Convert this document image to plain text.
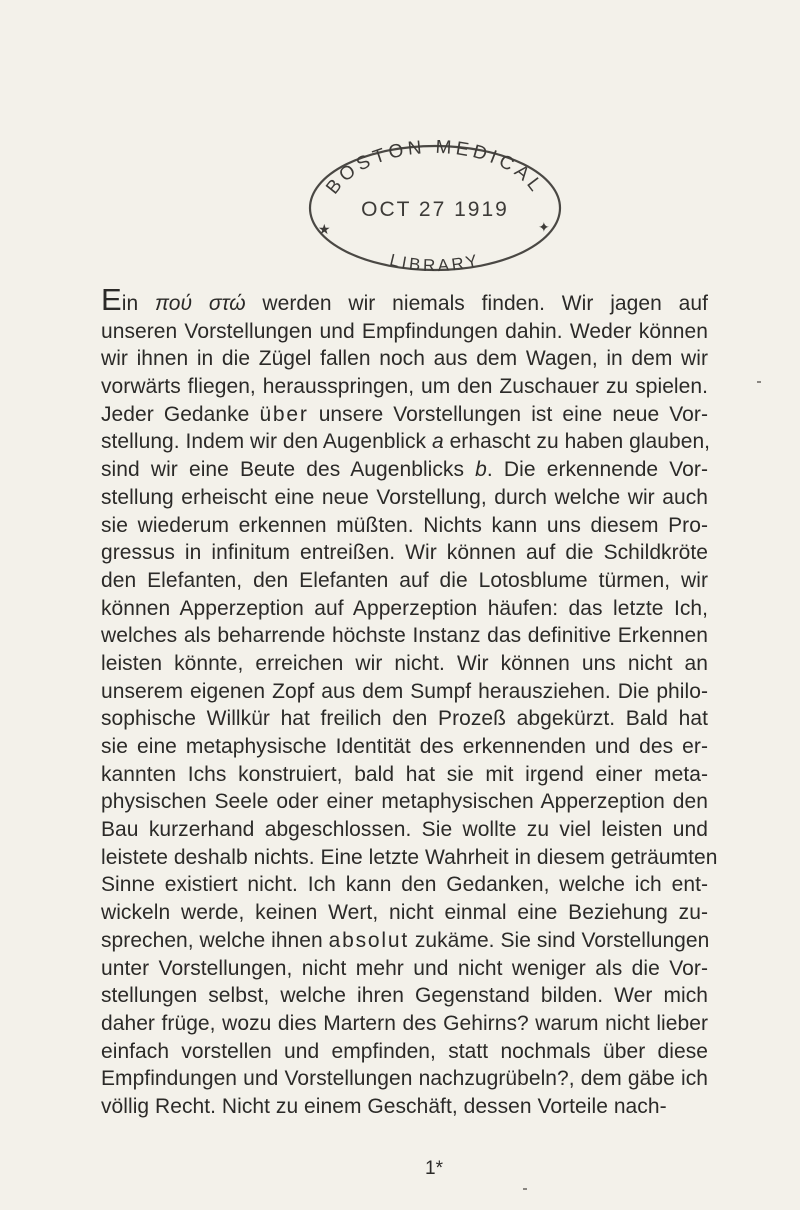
BOSTON MEDICAL
OCT 27 1919
LIBRARY
★	✦
Ein πού στώ werden wir niemals finden. Wir jagen auf
unseren Vorstellungen und Empfindungen dahin. Weder können
wir ihnen in die Zügel fallen noch aus dem Wagen, in dem wir
vorwärts fliegen, herausspringen, um den Zuschauer zu spielen.
Jeder Gedanke über unsere Vorstellungen ist eine neue Vor-
stellung. Indem wir den Augenblick a erhascht zu haben glauben,
sind wir eine Beute des Augenblicks b. Die erkennende Vor-
stellung erheischt eine neue Vorstellung, durch welche wir auch
sie wiederum erkennen müßten. Nichts kann uns diesem Pro-
gressus in infinitum entreißen. Wir können auf die Schildkröte
den Elefanten, den Elefanten auf die Lotosblume türmen, wir
können Apperzeption auf Apperzeption häufen: das letzte Ich,
welches als beharrende höchste Instanz das definitive Erkennen
leisten könnte, erreichen wir nicht. Wir können uns nicht an
unserem eigenen Zopf aus dem Sumpf herausziehen. Die philo-
sophische Willkür hat freilich den Prozeß abgekürzt. Bald hat
sie eine metaphysische Identität des erkennenden und des er-
kannten Ichs konstruiert, bald hat sie mit irgend einer meta-
physischen Seele oder einer metaphysischen Apperzeption den
Bau kurzerhand abgeschlossen. Sie wollte zu viel leisten und
leistete deshalb nichts. Eine letzte Wahrheit in diesem geträumten
Sinne existiert nicht. Ich kann den Gedanken, welche ich ent-
wickeln werde, keinen Wert, nicht einmal eine Beziehung zu-
sprechen, welche ihnen absolut zukäme. Sie sind Vorstellungen
unter Vorstellungen, nicht mehr und nicht weniger als die Vor-
stellungen selbst, welche ihren Gegenstand bilden. Wer mich
daher früge, wozu dies Martern des Gehirns? warum nicht lieber
einfach vorstellen und empfinden, statt nochmals über diese
Empfindungen und Vorstellungen nachzugrübeln?, dem gäbe ich
völlig Recht. Nicht zu einem Geschäft, dessen Vorteile nach-
1*
